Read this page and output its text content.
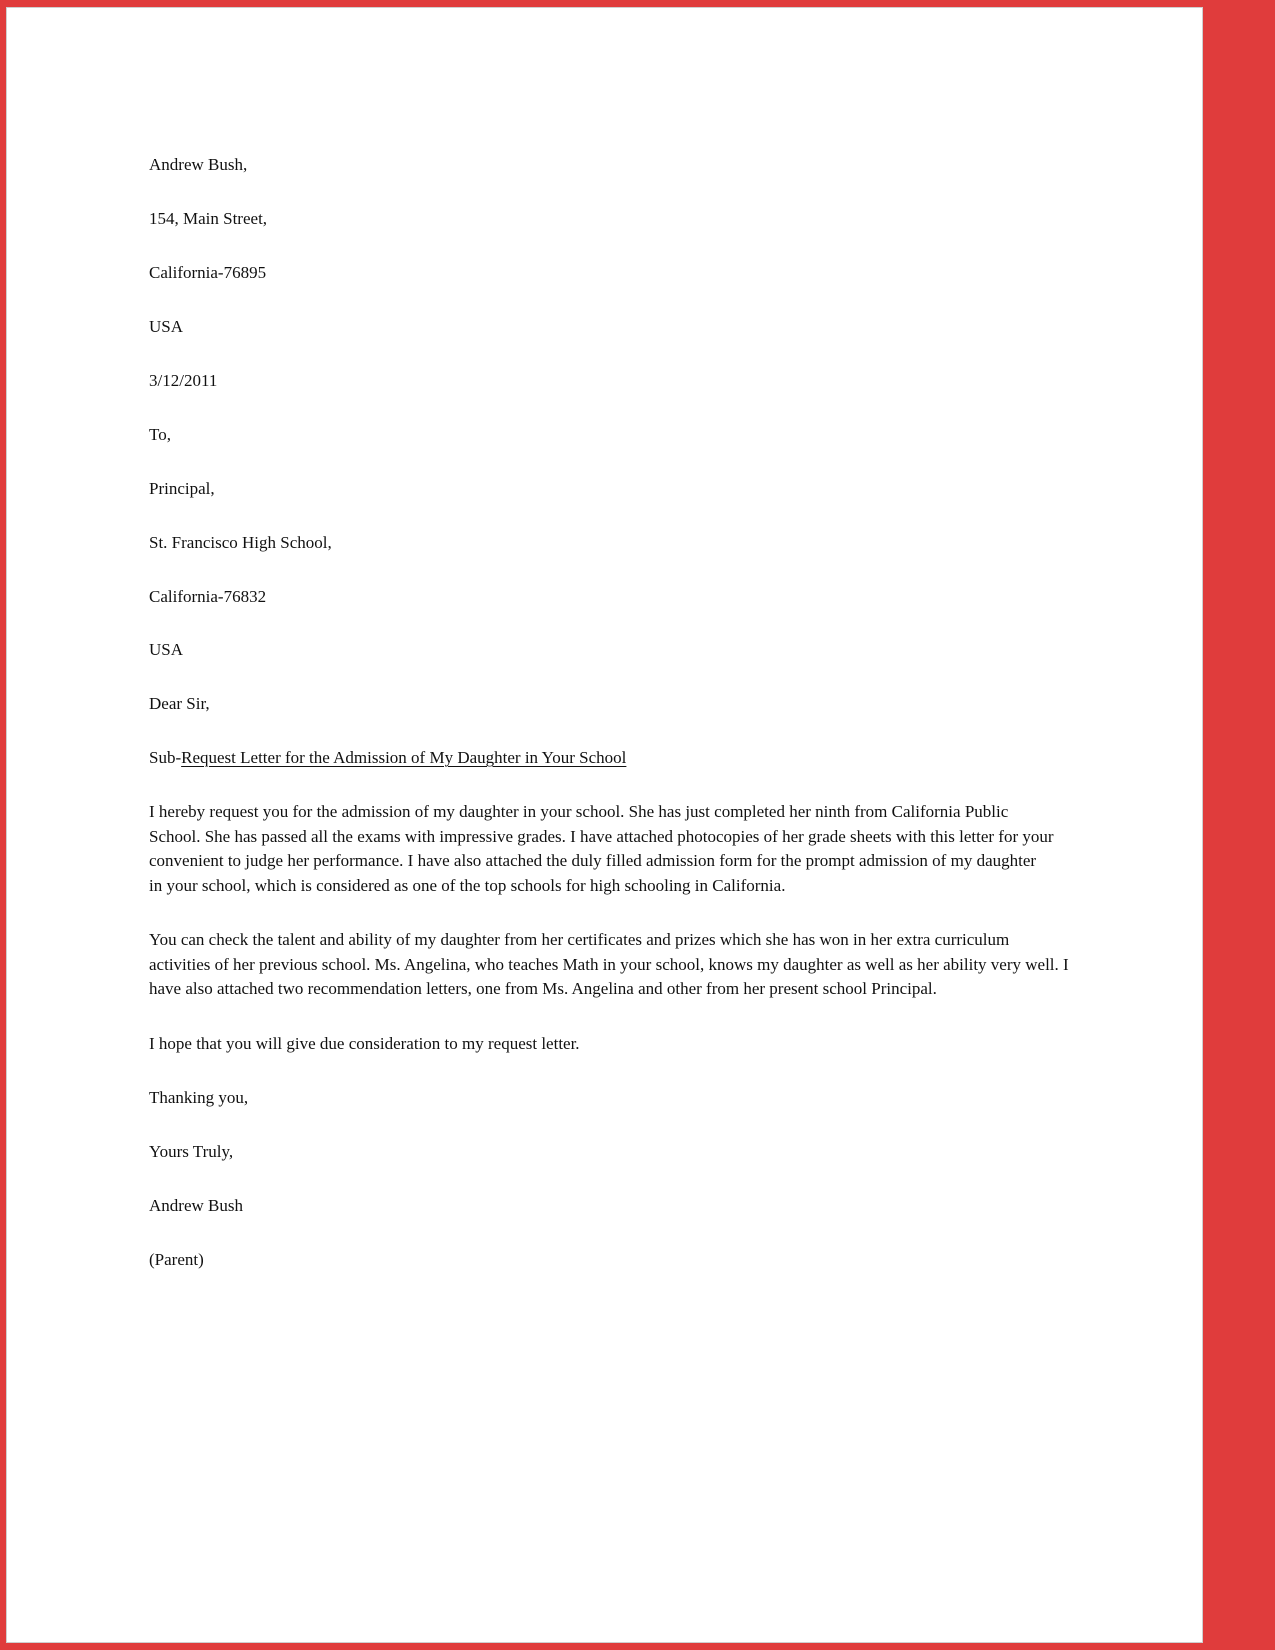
Andrew Bush,

154, Main Street,

California-76895

USA

3/12/2011

To,

Principal,

St. Francisco High School,

California-76832

USA

Dear Sir,

Sub-Request Letter for the Admission of My Daughter in Your School

I hereby request you for the admission of my daughter in your school. She has just completed her ninth from California Public
School. She has passed all the exams with impressive grades. I have attached photocopies of her grade sheets with this letter for your
convenient to judge her performance. I have also attached the duly filled admission form for the prompt admission of my daughter
in your school, which is considered as one of the top schools for high schooling in California.
You can check the talent and ability of my daughter from her certificates and prizes which she has won in her extra curriculum
activities of her previous school. Ms. Angelina, who teaches Math in your school, knows my daughter as well as her ability very well. I
have also attached two recommendation letters, one from Ms. Angelina and other from her present school Principal.

I hope that you will give due consideration to my request letter.

Thanking you,

Yours Truly,

Andrew Bush

(Parent)
